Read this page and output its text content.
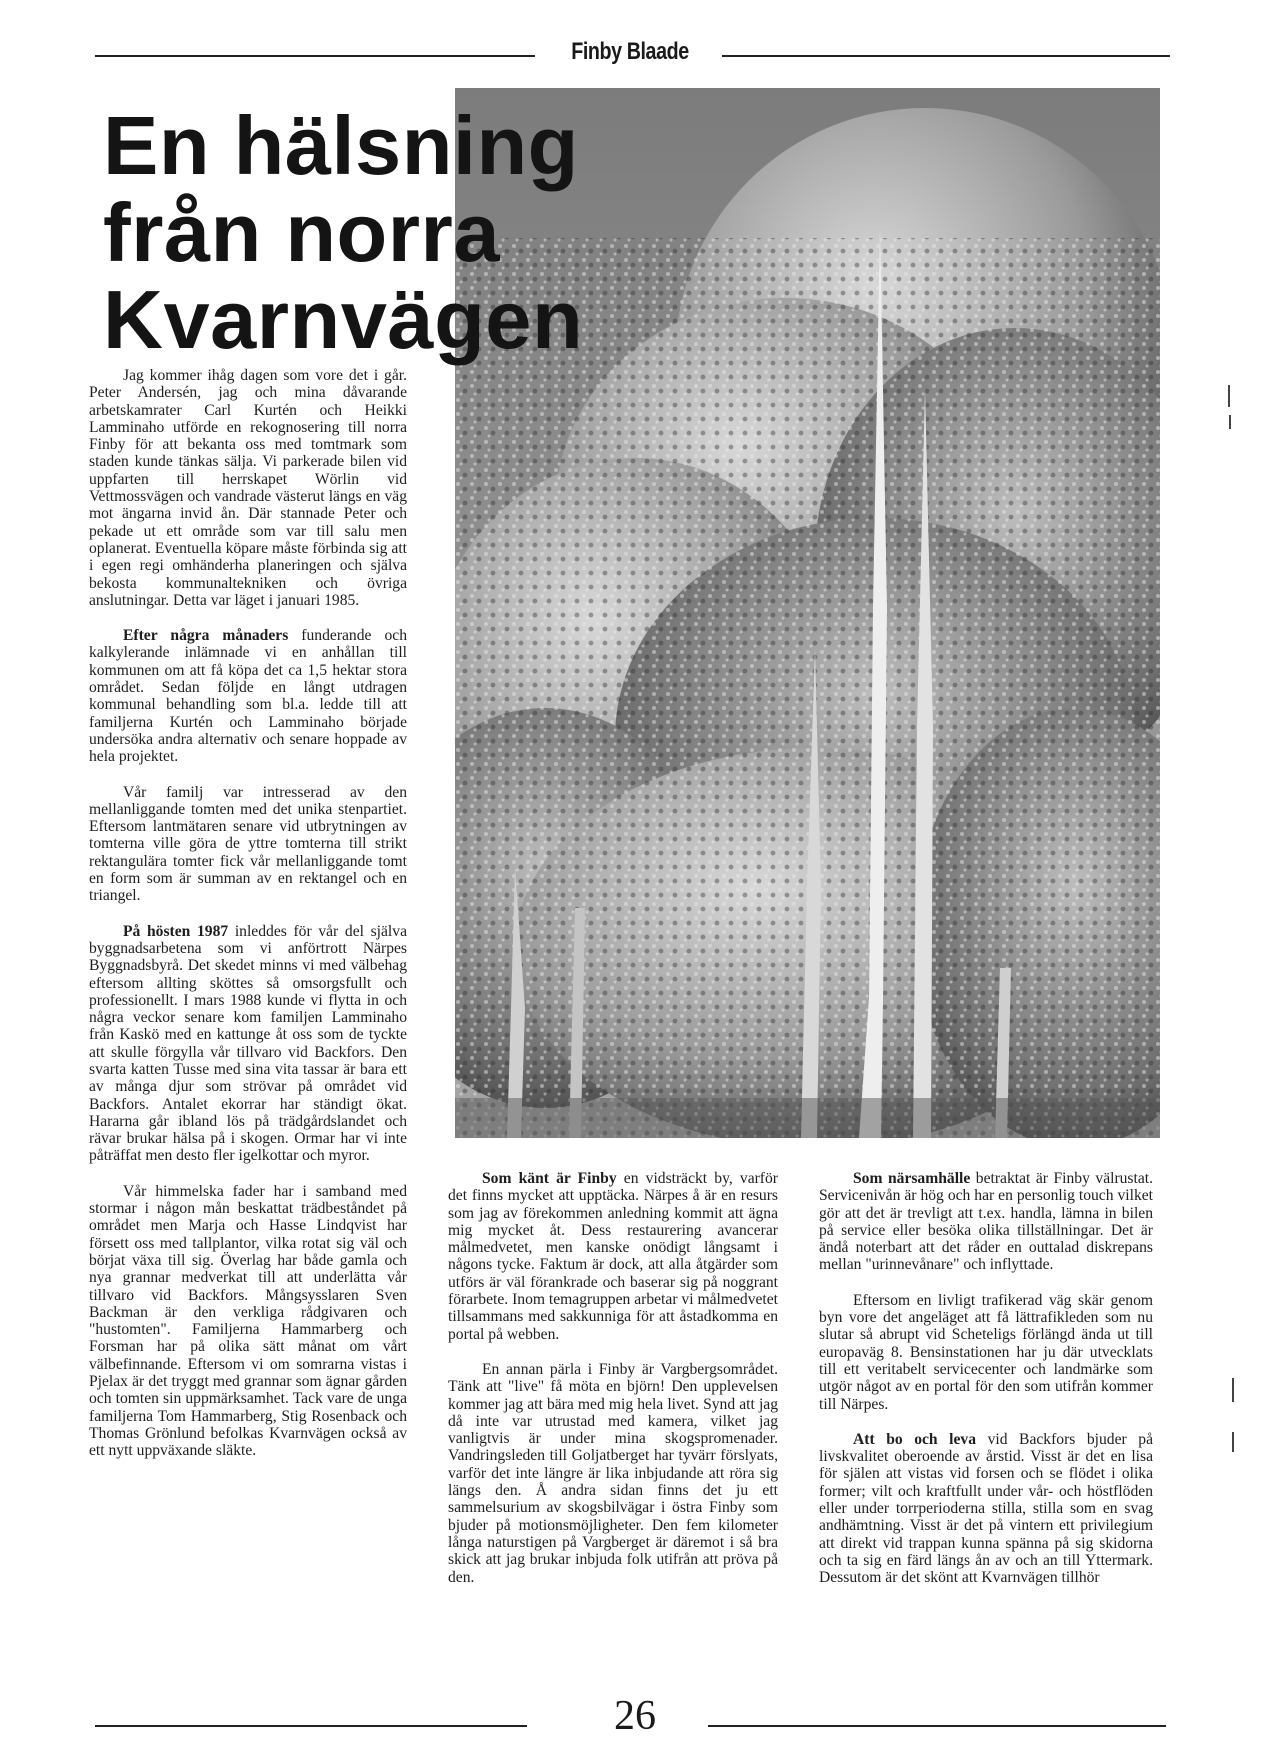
Finby Blaade
En hälsning
från norra
Kvarnvägen

Jag kommer ihåg dagen som vore det i går. Peter Andersén, jag och mina dåvarande arbetskamrater Carl Kurtén och Heikki Lamminaho utförde en rekognosering till norra Finby för att bekanta oss med tomtmark som staden kunde tänkas sälja. Vi parkerade bilen vid uppfarten till herrskapet Wörlin vid Vettmossvägen och vandrade västerut längs en väg mot ängarna invid ån. Där stannade Peter och pekade ut ett område som var till salu men oplanerat. Eventuella köpare måste förbinda sig att i egen regi omhänderha planeringen och själva bekosta kommunaltekniken och övriga anslutningar. Detta var läget i januari 1985.

Efter några månaders funderande och kalkylerande inlämnade vi en anhållan till kommunen om att få köpa det ca 1,5 hektar stora området. Sedan följde en långt utdragen kommunal behandling som bl.a. ledde till att familjerna Kurtén och Lamminaho började undersöka andra alternativ och senare hoppade av hela projektet.

Vår familj var intresserad av den mellanliggande tomten med det unika stenpartiet. Eftersom lantmätaren senare vid utbrytningen av tomterna ville göra de yttre tomterna till strikt rektangulära tomter fick vår mellanliggande tomt en form som är summan av en rektangel och en triangel.

På hösten 1987 inleddes för vår del själva byggnadsarbetena som vi anförtrott Närpes Byggnadsbyrå. Det skedet minns vi med välbehag eftersom allting sköttes så omsorgsfullt och professionellt. I mars 1988 kunde vi flytta in och några veckor senare kom familjen Lamminaho från Kaskö med en kattunge åt oss som de tyckte att skulle förgylla vår tillvaro vid Backfors. Den svarta katten Tusse med sina vita tassar är bara ett av många djur som strövar på området vid Backfors. Antalet ekorrar har ständigt ökat. Hararna går ibland lös på trädgårdslandet och rävar brukar hälsa på i skogen. Ormar har vi inte påträffat men desto fler igelkottar och myror.

Vår himmelska fader har i samband med stormar i någon mån beskattat trädbeståndet på området men Marja och Hasse Lindqvist har försett oss med tallplantor, vilka rotat sig väl och börjat växa till sig. Överlag har både gamla och nya grannar medverkat till att underlätta vår tillvaro vid Backfors. Mångsysslaren Sven Backman är den verkliga rådgivaren och "hustomten". Familjerna Hammarberg och Forsman har på olika sätt månat om vårt välbefinnande. Eftersom vi om somrarna vistas i Pjelax är det tryggt med grannar som ägnar gården och tomten sin uppmärksamhet. Tack vare de unga familjerna Tom Hammarberg, Stig Rosenback och Thomas Grönlund befolkas Kvarnvägen också av ett nytt uppväxande släkte.

Som känt är Finby en vidsträckt by, varför det finns mycket att upptäcka. Närpes å är en resurs som jag av förekommen anledning kommit att ägna mig mycket åt. Dess restaurering avancerar målmedvetet, men kanske onödigt långsamt i någons tycke. Faktum är dock, att alla åtgärder som utförs är väl förankrade och baserar sig på noggrant förarbete. Inom temagruppen arbetar vi målmedvetet tillsammans med sakkunniga för att åstadkomma en portal på webben.

En annan pärla i Finby är Vargbergsområdet. Tänk att "live" få möta en björn! Den upplevelsen kommer jag att bära med mig hela livet. Synd att jag då inte var utrustad med kamera, vilket jag vanligtvis är under mina skogspromenader. Vandringsleden till Goljatberget har tyvärr förslyats, varför det inte längre är lika inbjudande att röra sig längs den. Å andra sidan finns det ju ett sammelsurium av skogsbilvägar i östra Finby som bjuder på motionsmöjligheter. Den fem kilometer långa naturstigen på Vargberget är däremot i så bra skick att jag brukar inbjuda folk utifrån att pröva på den.

Som närsamhälle betraktat är Finby välrustat. Servicenivån är hög och har en personlig touch vilket gör att det är trevligt att t.ex. handla, lämna in bilen på service eller besöka olika tillställningar. Det är ändå noterbart att det råder en outtalad diskrepans mellan "urinnevånare" och inflyttade.

Eftersom en livligt trafikerad väg skär genom byn vore det angeläget att få lättrafikleden som nu slutar så abrupt vid Scheteligs förlängd ända ut till europaväg 8. Bensinstationen har ju där utvecklats till ett veritabelt servicecenter och landmärke som utgör något av en portal för den som utifrån kommer till Närpes.

Att bo och leva vid Backfors bjuder på livskvalitet oberoende av årstid. Visst är det en lisa för själen att vistas vid forsen och se flödet i olika former; vilt och kraftfullt under vår- och höstflöden eller under torrperioderna stilla, stilla som en svag andhämtning. Visst är det på vintern ett privilegium att direkt vid trappan kunna spänna på sig skidorna och ta sig en färd längs ån av och an till Yttermark. Dessutom är det skönt att Kvarnvägen tillhör

26
